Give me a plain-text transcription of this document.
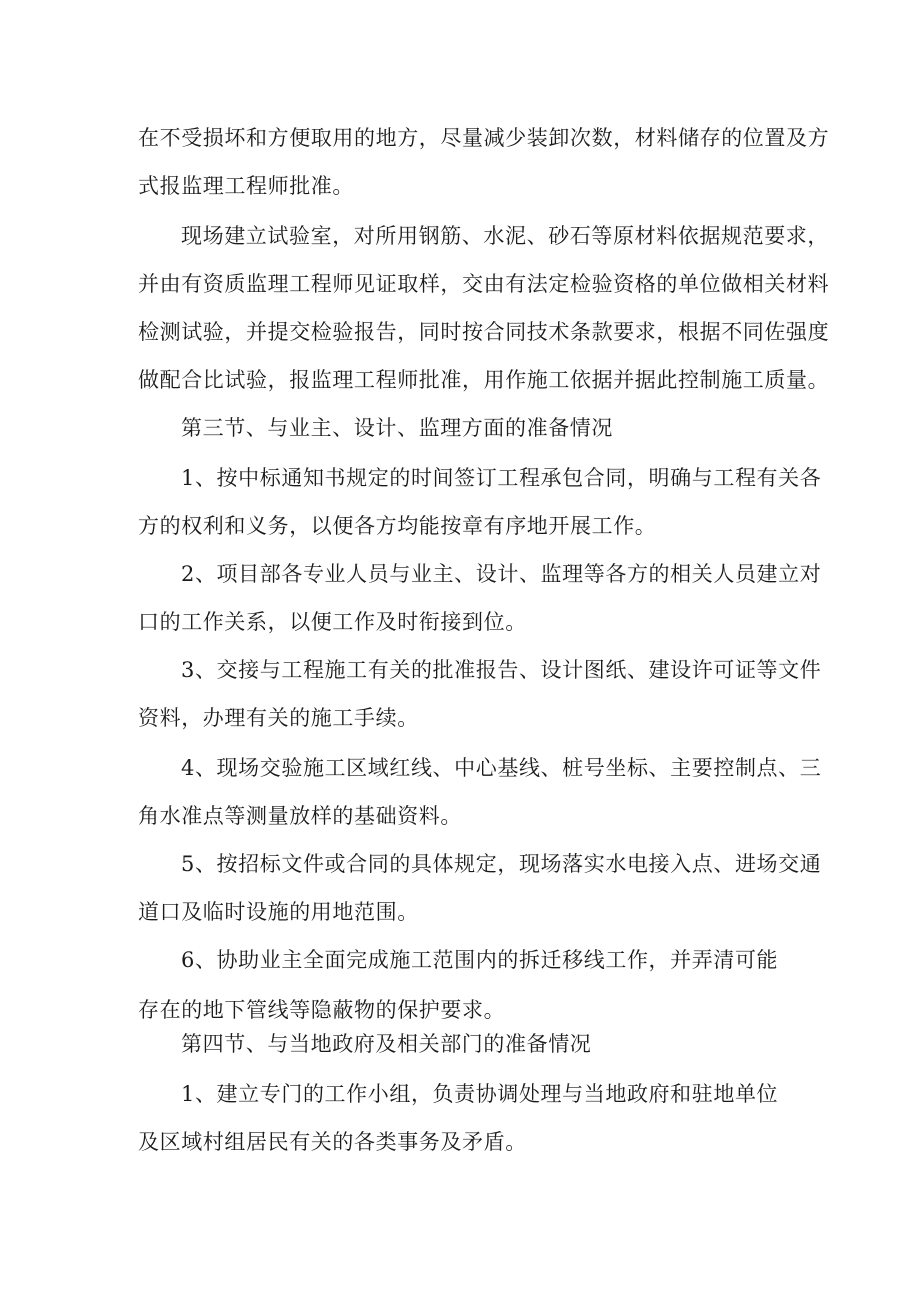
在不受损坏和方便取用的地方，尽量减少装卸次数，材料储存的位置及方
式报监理工程师批准。
现场建立试验室，对所用钢筋、水泥、砂石等原材料依据规范要求，
并由有资质监理工程师见证取样，交由有法定检验资格的单位做相关材料
检测试验，并提交检验报告，同时按合同技术条款要求，根据不同佐强度
做配合比试验，报监理工程师批准，用作施工依据并据此控制施工质量。
第三节、与业主、设计、监理方面的准备情况
1、按中标通知书规定的时间签订工程承包合同，明确与工程有关各
方的权利和义务，以便各方均能按章有序地开展工作。
2、项目部各专业人员与业主、设计、监理等各方的相关人员建立对
口的工作关系，以便工作及时衔接到位。
3、交接与工程施工有关的批准报告、设计图纸、建设许可证等文件
资料，办理有关的施工手续。
4、现场交验施工区域红线、中心基线、桩号坐标、主要控制点、三
角水准点等测量放样的基础资料。
5、按招标文件或合同的具体规定，现场落实水电接入点、进场交通
道口及临时设施的用地范围。
6、协助业主全面完成施工范围内的拆迁移线工作，并弄清可能
存在的地下管线等隐蔽物的保护要求。
第四节、与当地政府及相关部门的准备情况
1、建立专门的工作小组，负责协调处理与当地政府和驻地单位
及区域村组居民有关的各类事务及矛盾。
